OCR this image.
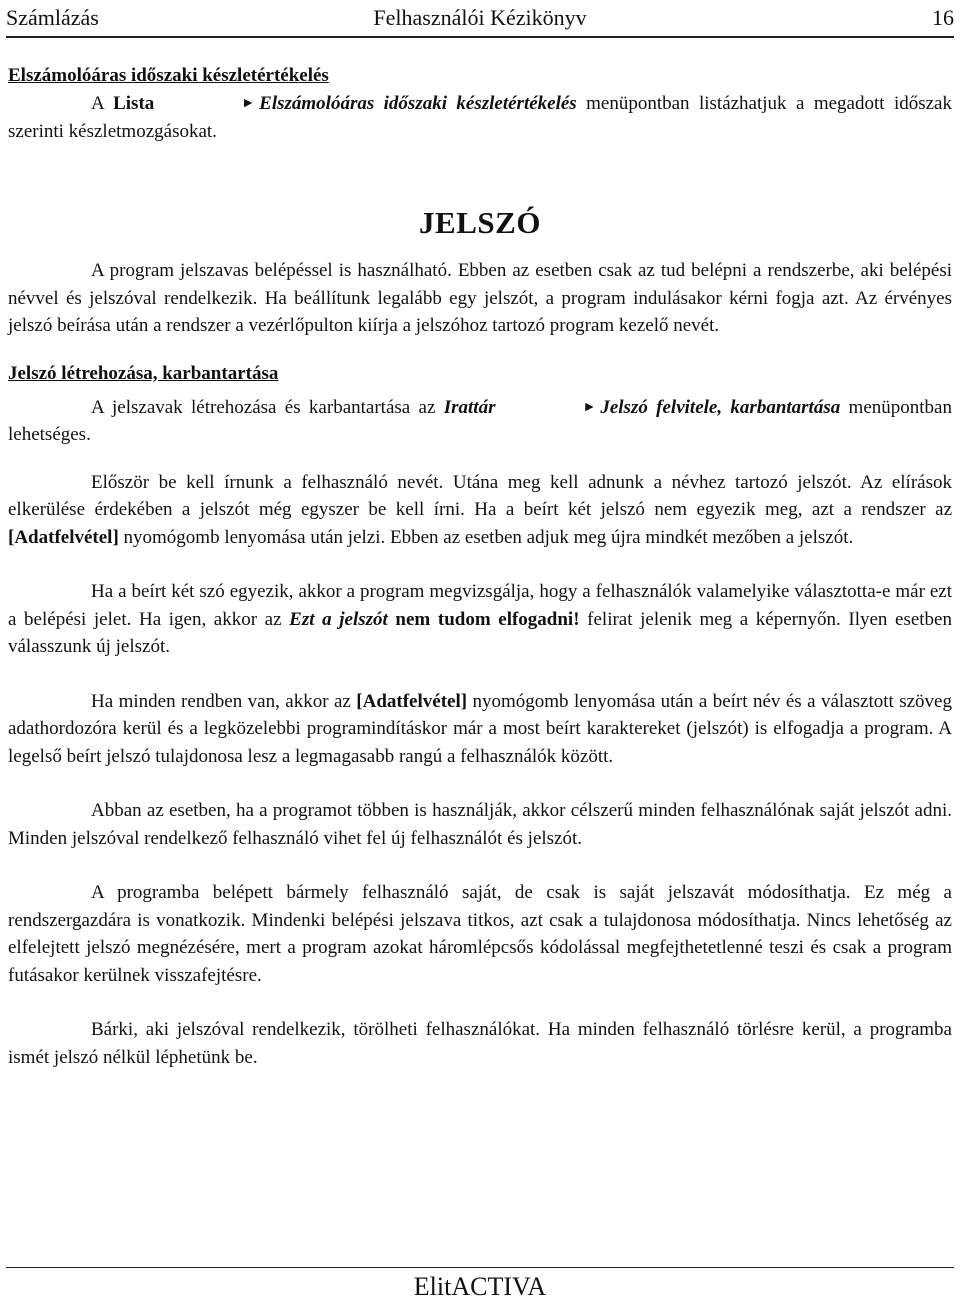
Számlázás	Felhasználói Kézikönyv	16
Elszámolóáras időszaki készletértékelés

A Lista	► Elszámolóáras időszaki készletértékelés menüpontban listázhatjuk a megadott időszak szerinti készletmozgásokat.

JELSZÓ

A program jelszavas belépéssel is használható. Ebben az esetben csak az tud belépni a rendszerbe, aki belépési névvel és jelszóval rendelkezik. Ha beállítunk legalább egy jelszót, a program indulásakor kérni fogja azt. Az érvényes jelszó beírása után a rendszer a vezérlőpulton kiírja a jelszóhoz tartozó program kezelő nevét.

Jelszó létrehozása, karbantartása

A jelszavak létrehozása és karbantartása az Irattár	► Jelszó felvitele, karbantartása menüpontban lehetséges.

Először be kell írnunk a felhasználó nevét. Utána meg kell adnunk a névhez tartozó jelszót. Az elírások elkerülése érdekében a jelszót még egyszer be kell írni. Ha a beírt két jelszó nem egyezik meg, azt a rendszer az [Adatfelvétel] nyomógomb lenyomása után jelzi. Ebben az esetben adjuk meg újra mindkét mezőben a jelszót.

Ha a beírt két szó egyezik, akkor a program megvizsgálja, hogy a felhasználók valamelyike választotta-e már ezt a belépési jelet. Ha igen, akkor az Ezt a jelszót nem tudom elfogadni! felirat jelenik meg a képernyőn. Ilyen esetben válasszunk új jelszót.

Ha minden rendben van, akkor az [Adatfelvétel] nyomógomb lenyomása után a beírt név és a választott szöveg adathordozóra kerül és a legközelebbi programindításkor már a most beírt karaktereket (jelszót) is elfogadja a program. A legelső beírt jelszó tulajdonosa lesz a legmagasabb rangú a felhasználók között.

Abban az esetben, ha a programot többen is használják, akkor célszerű minden felhasználónak saját jelszót adni. Minden jelszóval rendelkező felhasználó vihet fel új felhasználót és jelszót.

A programba belépett bármely felhasználó saját, de csak is saját jelszavát módosíthatja. Ez még a rendszergazdára is vonatkozik. Mindenki belépési jelszava titkos, azt csak a tulajdonosa módosíthatja. Nincs lehetőség az elfelejtett jelszó megnézésére, mert a program azokat háromlépcsős kódolással megfejthetetlenné teszi és csak a program futásakor kerülnek visszafejtésre.

Bárki, aki jelszóval rendelkezik, törölheti felhasználókat. Ha minden felhasználó törlésre kerül, a programba ismét jelszó nélkül léphetünk be.

ElitACTIVA
